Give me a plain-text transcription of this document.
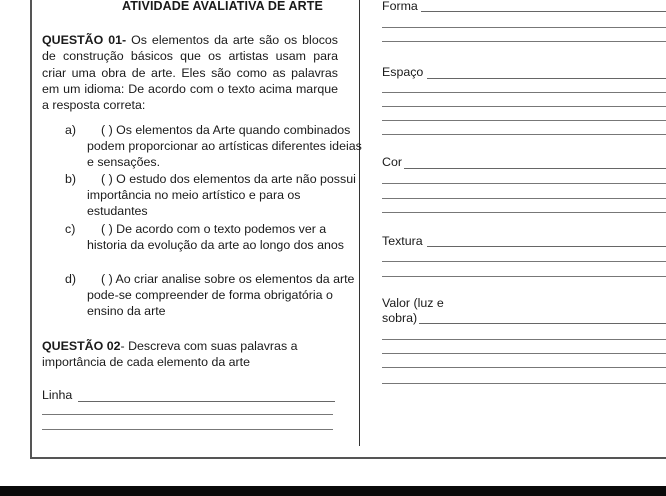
ATIVIDADE AVALIATIVA DE ARTE
QUESTÃO 01- Os elementos da arte são os blocos de construção básicos que os artistas usam para criar uma obra de arte. Eles são como as palavras em um idioma: De acordo com o texto acima marque a resposta correta:
a)	( ) Os elementos da Arte quando combinados podem proporcionar ao artísticas diferentes ideias e sensações.
b)	( ) O estudo dos elementos da arte não possui importância no meio artístico e para os estudantes
c)	( ) De acordo com o texto podemos ver a historia da evolução da arte ao longo dos anos
d)	( ) Ao criar analise sobre os elementos da arte pode-se compreender de forma obrigatória o ensino da arte
QUESTÃO 02- Descreva com suas palavras a importância de cada elemento da arte
Linha
Forma
Espaço
Cor
Textura
Valor (luz e
sobra)
